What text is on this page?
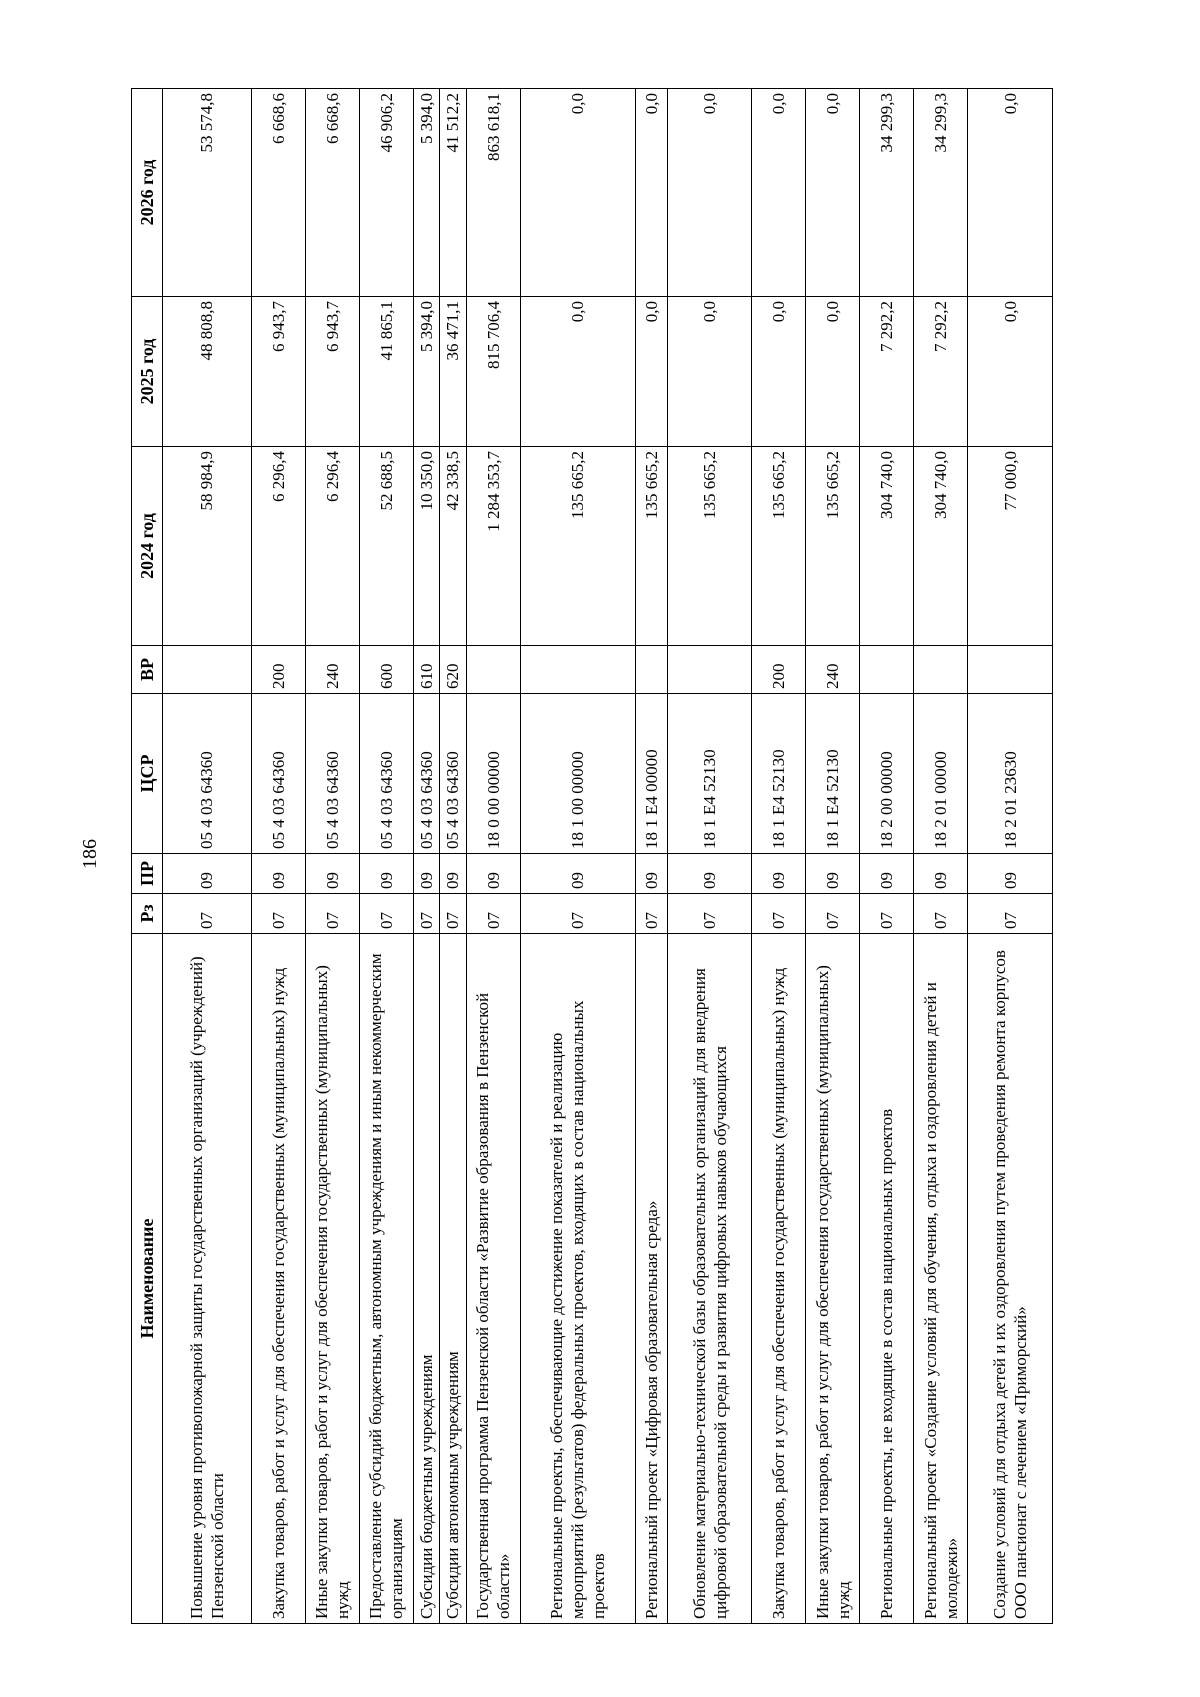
186
Наименование	Рз	ПР	ЦСР	ВР	2024 год	2025 год	2026 год
Повышение уровня противопожарной защиты государственных организаций (учреждений) Пензенской области	07	09	05 4 03 64360		58 984,9	48 808,8	53 574,8
Закупка товаров, работ и услуг для обеспечения государственных (муниципальных) нужд	07	09	05 4 03 64360	200	6 296,4	6 943,7	6 668,6
Иные закупки товаров, работ и услуг для обеспечения государственных (муниципальных) нужд	07	09	05 4 03 64360	240	6 296,4	6 943,7	6 668,6
Предоставление субсидий бюджетным, автономным учреждениям и иным некоммерческим организациям	07	09	05 4 03 64360	600	52 688,5	41 865,1	46 906,2
Субсидии бюджетным учреждениям	07	09	05 4 03 64360	610	10 350,0	5 394,0	5 394,0
Субсидии автономным учреждениям	07	09	05 4 03 64360	620	42 338,5	36 471,1	41 512,2
Государственная программа Пензенской области «Развитие образования в Пензенской области»	07	09	18 0 00 00000		1 284 353,7	815 706,4	863 618,1
Региональные проекты, обеспечивающие достижение показателей и реализацию мероприятий (результатов) федеральных проектов, входящих в состав национальных проектов	07	09	18 1 00 00000		135 665,2	0,0	0,0
Региональный проект «Цифровая образовательная среда»	07	09	18 1 E4 00000		135 665,2	0,0	0,0
Обновление материально-технической базы образовательных организаций для внедрения цифровой образовательной среды и развития цифровых навыков обучающихся	07	09	18 1 E4 52130		135 665,2	0,0	0,0
Закупка товаров, работ и услуг для обеспечения государственных (муниципальных) нужд	07	09	18 1 E4 52130	200	135 665,2	0,0	0,0
Иные закупки товаров, работ и услуг для обеспечения государственных (муниципальных) нужд	07	09	18 1 E4 52130	240	135 665,2	0,0	0,0
Региональные проекты, не входящие в состав национальных проектов	07	09	18 2 00 00000		304 740,0	7 292,2	34 299,3
Региональный проект «Создание условий для обучения, отдыха и оздоровления детей и молодежи»	07	09	18 2 01 00000		304 740,0	7 292,2	34 299,3
Создание условий для отдыха детей и их оздоровления путем проведения ремонта корпусов ООО пансионат с лечением «Приморский»	07	09	18 2 01 23630		77 000,0	0,0	0,0
